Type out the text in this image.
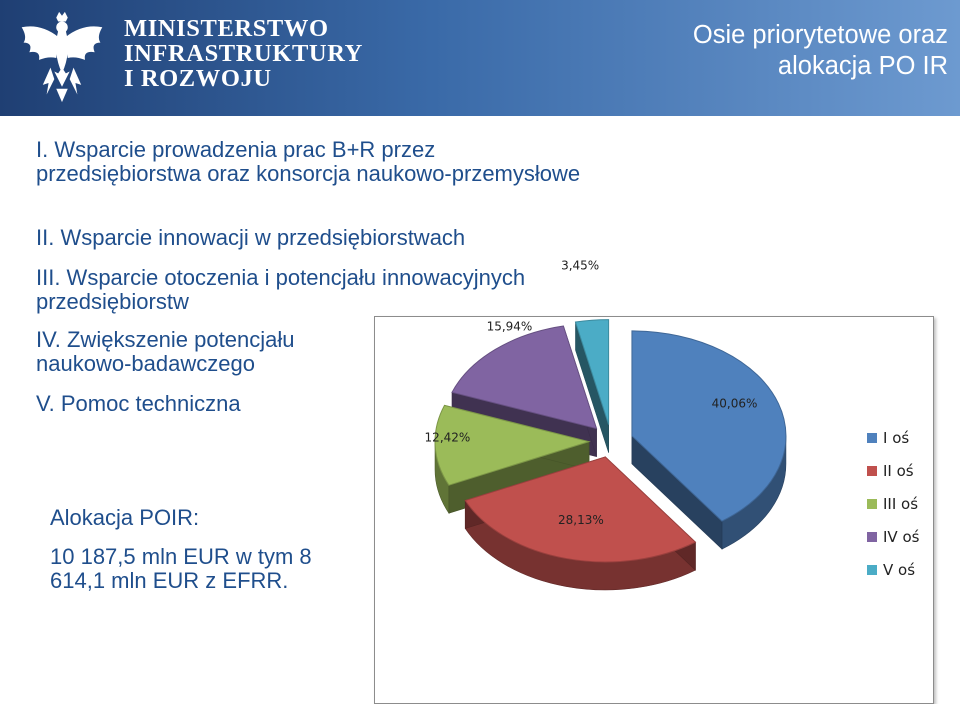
MINISTERSTWO
INFRASTRUKTURY
I ROZWOJU
Osie priorytetowe oraz
alokacja PO IR
I. Wsparcie prowadzenia prac B+R przez przedsiębiorstwa oraz konsorcja naukowo-przemysłowe
II. Wsparcie innowacji w przedsiębiorstwach
III. Wsparcie otoczenia i potencjału innowacyjnych przedsiębiorstw
IV. Zwiększenie potencjału naukowo-badawczego
V. Pomoc techniczna
Alokacja POIR:
10 187,5 mln EUR w tym 8 614,1 mln EUR z EFRR.
40,06%
28,13%
12,42%
15,94%
3,45%
I oś
II oś
III oś
IV oś
V oś
